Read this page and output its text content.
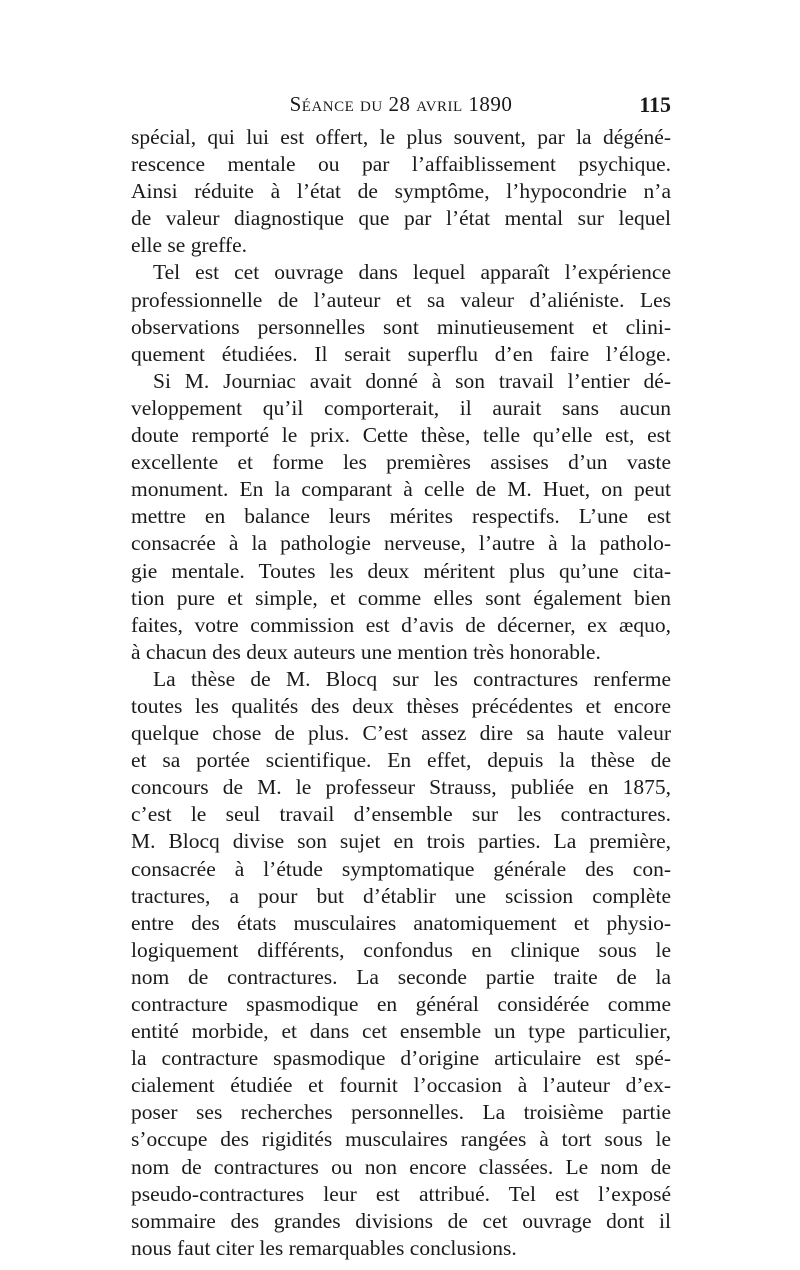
Séance du 28 avril 1890	115
spécial, qui lui est offert, le plus souvent, par la dégéné-
rescence mentale ou par l’affaiblissement psychique.
Ainsi réduite à l’état de symptôme, l’hypocondrie n’a
de valeur diagnostique que par l’état mental sur lequel
elle se greffe.
Tel est cet ouvrage dans lequel apparaît l’expérience
professionnelle de l’auteur et sa valeur d’aliéniste. Les
observations personnelles sont minutieusement et clini-
quement étudiées. Il serait superflu d’en faire l’éloge.
Si M. Journiac avait donné à son travail l’entier dé-
veloppement qu’il comporterait, il aurait sans aucun
doute remporté le prix. Cette thèse, telle qu’elle est, est
excellente et forme les premières assises d’un vaste
monument. En la comparant à celle de M. Huet, on peut
mettre en balance leurs mérites respectifs. L’une est
consacrée à la pathologie nerveuse, l’autre à la patholo-
gie mentale. Toutes les deux méritent plus qu’une cita-
tion pure et simple, et comme elles sont également bien
faites, votre commission est d’avis de décerner, ex æquo,
à chacun des deux auteurs une mention très honorable.
La thèse de M. Blocq sur les contractures renferme
toutes les qualités des deux thèses précédentes et encore
quelque chose de plus. C’est assez dire sa haute valeur
et sa portée scientifique. En effet, depuis la thèse de
concours de M. le professeur Strauss, publiée en 1875,
c’est le seul travail d’ensemble sur les contractures.
M. Blocq divise son sujet en trois parties. La première,
consacrée à l’étude symptomatique générale des con-
tractures, a pour but d’établir une scission complète
entre des états musculaires anatomiquement et physio-
logiquement différents, confondus en clinique sous le
nom de contractures. La seconde partie traite de la
contracture spasmodique en général considérée comme
entité morbide, et dans cet ensemble un type particulier,
la contracture spasmodique d’origine articulaire est spé-
cialement étudiée et fournit l’occasion à l’auteur d’ex-
poser ses recherches personnelles. La troisième partie
s’occupe des rigidités musculaires rangées à tort sous le
nom de contractures ou non encore classées. Le nom de
pseudo-contractures leur est attribué. Tel est l’exposé
sommaire des grandes divisions de cet ouvrage dont il
nous faut citer les remarquables conclusions.
